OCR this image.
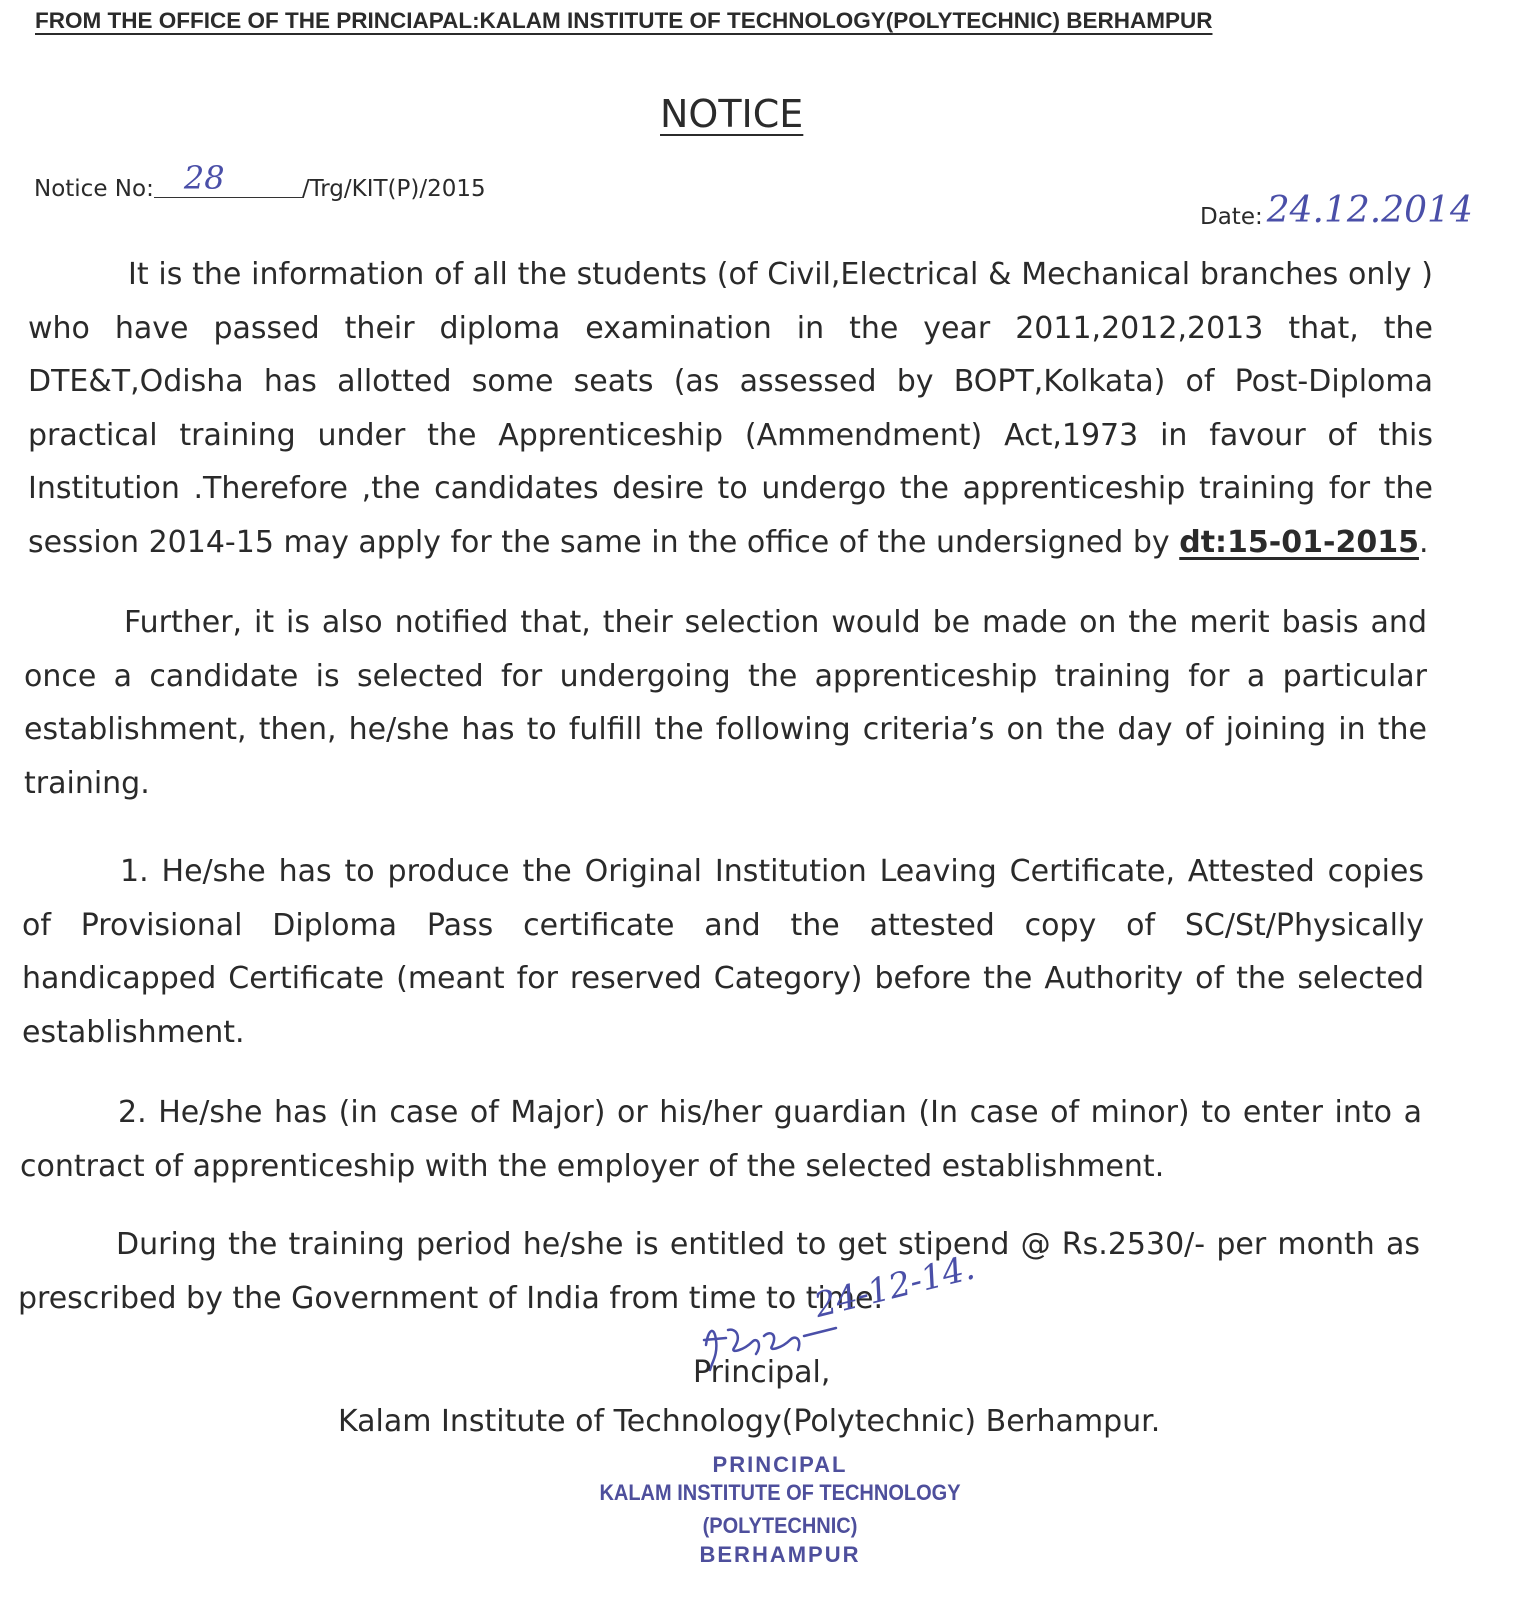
FROM THE OFFICE OF THE PRINCIAPAL:KALAM INSTITUTE OF TECHNOLOGY(POLYTECHNIC) BERHAMPUR
NOTICE
Notice No: 28	/Trg/KIT(P)/2015
Date: 24.12.2014
It is the information of all the students (of Civil,Electrical & Mechanical branches only ) who have passed their diploma examination in the year 2011,2012,2013 that, the DTE&T,Odisha has allotted some seats (as assessed by BOPT,Kolkata) of Post-Diploma practical training under the Apprenticeship (Ammendment) Act,1973 in favour of this Institution .Therefore ,the candidates desire to undergo the apprenticeship training for the session 2014-15 may apply for the same in the office of the undersigned by dt:15-01-2015.
Further, it is also notified that, their selection would be made on the merit basis and once a candidate is selected for undergoing the apprenticeship training for a particular establishment, then, he/she has to fulfill the following criteria’s on the day of joining in the training.
1. He/she has to produce the Original Institution Leaving Certificate, Attested copies of Provisional Diploma Pass certificate and the attested copy of SC/St/Physically handicapped Certificate (meant for reserved Category) before the Authority of the selected establishment.
2. He/she has (in case of Major) or his/her guardian (In case of minor) to enter into a contract of apprenticeship with the employer of the selected establishment.
During the training period he/she is entitled to get stipend @ Rs.2530/- per month as prescribed by the Government of India from time to time.
24-12-14.
Principal,
Kalam Institute of Technology(Polytechnic) Berhampur.
PRINCIPAL
KALAM INSTITUTE OF TECHNOLOGY (POLYTECHNIC)
BERHAMPUR
